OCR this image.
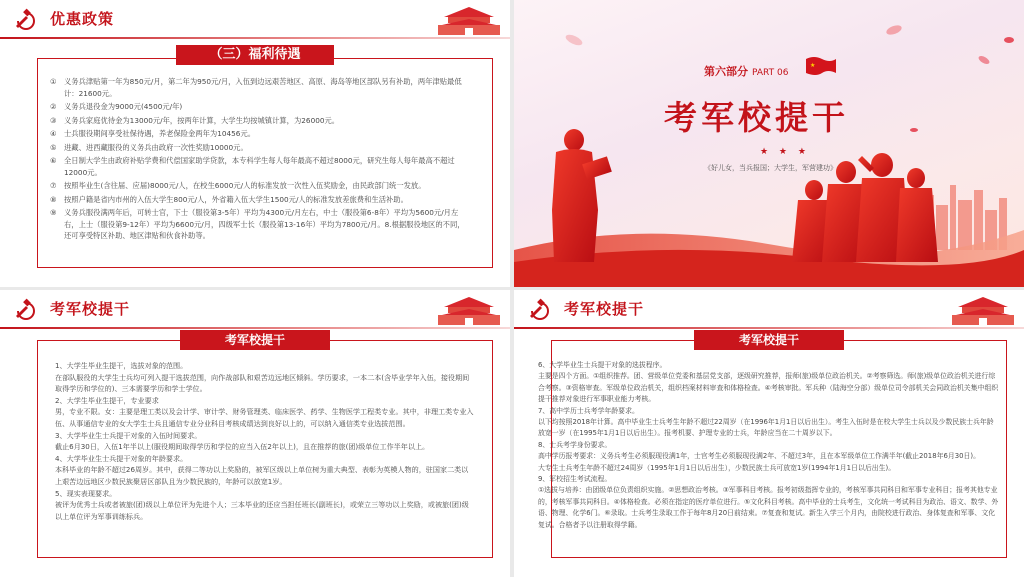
优惠政策
（三）福利待遇
①	义务兵津贴第一年为850元/月，第二年为950元/月，入伍到边远艰苦地区、高原、海岛等地区部队另有补助，两年津贴最低计：21600元。
②	义务兵退役金为9000元(4500元/年)
③	义务兵家庭优待金为13000元/年，按两年计算，大学生均按城镇计算，为26000元。
④	士兵服役期间享受社保待遇，养老保险金两年为10456元。
⑤	进藏、进西藏服役的义务兵由政府一次性奖励10000元。
⑥	全日制大学生由政府补贴学费和代偿国家助学贷款，本专科学生每人每年最高不超过8000元，研究生每人每年最高不超过12000元。
⑦	按照毕业生(含往届、应届)8000元/人，在校生6000元/人的标准发放一次性入伍奖励金，由民政部门统一发放。
⑧	按照户籍是省内市州的入伍大学生800元/人，外省籍入伍大学生1500元/人的标准发放差旅费和生活补助。
⑨	义务兵服役满两年后，可转士官，下士（服役第3-5年）平均为4300元/月左右，中士（服役第6-8年）平均为5600元/月左右，上士（服役第9-12年）平均为6600元/月，四级军士长（服役第13-16年）平均为7800元/月。8.根据服役地区的不同，还可享受特区补助、地区津贴和伙食补助等。
第六部分 PART 06
★
考军校提干
★ ★ ★
《好儿女，当兵报国；大学生，军营建功》
考军校提干
考军校提干

1、大学生毕业生提干，选拔对象的范围。

在部队服役的大学生士兵均可列入提干选拔范围，向作战部队和艰苦边远地区倾斜。学历要求，一本二本(含毕业学年入伍，接役期间取得学历和学位的)、三本需要学历和学士学位。

2、大学生毕业生提干，专业要求

男，专业不限。女：主要是理工类以及会计学、审计学、财务管理类、临床医学、药学、生物医学工程类专业。其中，非理工类专业入伍、从事通信专业的女大学生士兵且通信专业分业科目考核成绩达到良好以上的，可以纳入通信类专业选拔范围。

3、大学毕业生士兵提干对象的入伍时间要求。

截止6月30日，入伍1年半以上(服役期间取得学历和学位的应当入伍2年以上)，且在推荐的旅(团)级单位工作半年以上。

4、大学毕业生士兵提干对象的年龄要求。

本科毕业的年龄不超过26周岁。其中，获得二等功以上奖励的，被军区级以上单位树为重大典型、表彰为英模人物的，驻国家二类以上艰苦边远地区少数民族聚居区部队且为少数民族的，年龄可以放宽1岁。

5、现实表现要求。

被评为优秀士兵或者被旅(团)级以上单位评为先进个人；三本毕业的还应当担任班长(副班长)，或荣立三等功以上奖励，或被旅(团)级以上单位评为军事训练标兵。

考军校提干
考军校提干

6、大学毕业生士兵提干对象的选拔程序。

主要是四个方面。①组织推荐。团、营级单位党委和基层党支部，逐级研究推荐，报师(旅)级单位政治机关。②考察筛选。师(旅)级单位政治机关进行综合考察。③资格审查。军级单位政治机关，组织档案材料审查和体格检查。④考核审批。军兵种（陆海空分部）级单位司令部机关会同政治机关集中组织提干推荐对象进行军事职业能力考核。

7、高中学历士兵考学年龄要求。

以下均按照2018年计算。高中毕业生士兵考生年龄不超过22周岁（在1996年1月1日以后出生）。考生入伍时是在校大学生士兵以及少数民族士兵年龄放宽一岁（在1995年1月1日以后出生）。报考机要、护理专业的士兵，年龄应当在二十周岁以下。

8、士兵考学身份要求。

高中学历报考要求：义务兵考生必须服现役满1年，士官考生必须服现役满2年、不超过3年，且在本军级单位工作满半年(截止2018年6月30日)。

大专生士兵考生年龄不超过24周岁（1995年1月1日以后出生），少数民族士兵可放宽1岁(1994年1月1日以后出生)。

9、军校招生考试流程。

①选拔与培养：由团级单位负责组织实施。②思想政治考核。③军事科目考核。报考初级指挥专业的，考核军事共同科目和军事专业科目；报考其他专业的，考核军事共同科目。④体格检查。必须在指定的医疗单位进行。⑤文化科目考核。高中毕业的士兵考生，文化统一考试科目为政治、语文、数学、外语、物理、化学6门。⑥录取。士兵考生录取工作于每年8月20日前结束。⑦复查和复试。新生入学三个月内，由院校进行政治、身体复查和军事、文化复试。合格者予以注册取得学籍。
